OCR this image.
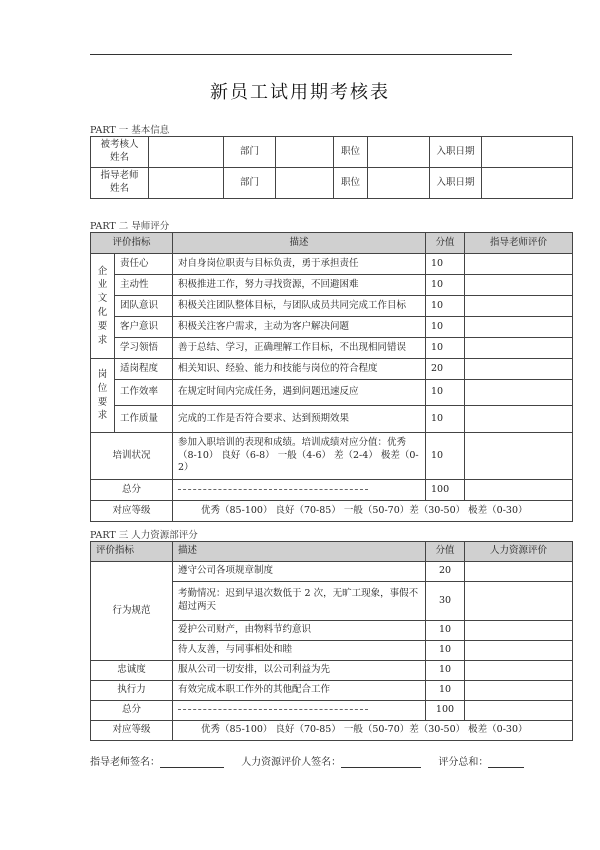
新员工试用期考核表
PART 一 基本信息
被考核人姓名		部门		职位		入职日期	
指导老师姓名		部门		职位		入职日期	
PART 二 导师评分
评价指标		描述	分值	指导老师评价
企业文化要求	责任心	对自身岗位职责与目标负责，勇于承担责任	10	
	主动性	积极推进工作，努力寻找资源，不回避困难	10	
	团队意识	积极关注团队整体目标，与团队成员共同完成工作目标	10	
	客户意识	积极关注客户需求，主动为客户解决问题	10	
	学习领悟	善于总结、学习，正确理解工作目标，不出现相同错误	10	
岗位要求	适岗程度	相关知识、经验、能力和技能与岗位的符合程度	20	
	工作效率	在规定时间内完成任务，遇到问题迅速反应	10	
	工作质量	完成的工作是否符合要求、达到预期效果	10	
培训状况		参加入职培训的表现和成绩。培训成绩对应分值：优秀（8-10） 良好（6-8） 一般（4-6） 差（2-4） 极差（0-2）	10	
总分			100	
对应等级		优秀（85-100） 良好（70-85） 一般（50-70）差（30-50） 极差（0-30）		
PART 三 人力资源部评分
评价指标	描述	分值	人力资源评价
行为规范	遵守公司各项规章制度	20	
	考勤情况：迟到早退次数低于 2 次，无旷工现象，事假不超过两天	30	
	爱护公司财产，由物料节约意识	10	
	待人友善，与同事相处和睦	10	
忠诚度	服从公司一切安排，以公司利益为先	10	
执行力	有效完成本职工作外的其他配合工作	10	
总分		100	
对应等级	优秀（85-100） 良好（70-85） 一般（50-70）差（30-50） 极差（0-30）		
指导老师签名：	人力资源评价人签名：	评分总和：
